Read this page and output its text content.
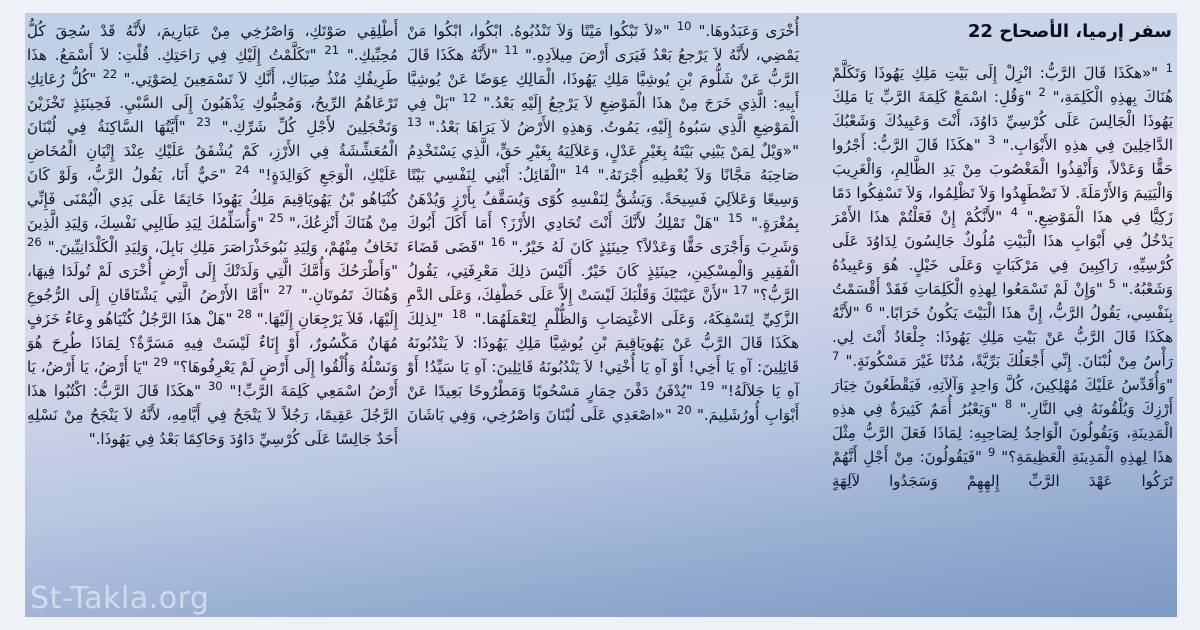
سفر إرميا، الأصحاح 22
$^1$ "«هكَذَا قَالَ الرَّبُّ: انْزِلْ إِلَى بَيْتِ مَلِكِ يَهُوذَا وَتَكَلَّمْ هُنَاكَ بِهذِهِ الْكَلِمَةِ،" $^2$ "وَقُلِ: اسْمَعْ كَلِمَةَ الرَّبِّ يَا مَلِكَ يَهُوذَا الْجَالِسَ عَلَى كُرْسِيِّ دَاوُدَ، أَنْتَ وَعَبِيدُكَ وَشَعْبُكَ الدَّاخِلِينَ فِي هذِهِ الأَبْوَابِ." $^3$ "هكَذَا قَالَ الرَّبُّ: أَجْرُوا حَقًّا وَعَدْلاً، وَأَنْقِذُوا الْمَغْصُوبَ مِنْ يَدِ الظَّالِمِ، وَالْغَرِيبَ وَالْيَتِيمَ وَالأَرْمَلَةَ. لاَ تَضْطَهِدُوا وَلاَ تَظْلِمُوا، وَلاَ تَسْفِكُوا دَمًا زَكِيًّا فِي هذَا الْمَوْضِعِ." $^4$ "لأَنَّكُمْ إِنْ فَعَلْتُمْ هذَا الأَمْرَ يَدْخُلُ فِي أَبْوَابِ هذَا الْبَيْتِ مُلُوكٌ جَالِسُونَ لِدَاوُدَ عَلَى كُرْسِيِّهِ، رَاكِبِينَ فِي مَرْكَبَاتٍ وَعَلَى خَيْلٍ. هُوَ وَعَبِيدُهُ وَشَعْبُهُ." $^5$ "وَإِنْ لَمْ تَسْمَعُوا لِهذِهِ الْكَلِمَاتِ فَقَدْ أَقْسَمْتُ بِنَفْسِي، يَقُولُ الرَّبُّ، إِنَّ هذَا الْبَيْتَ يَكُونُ خَرَابًا." $^6$ "لأَنَّهُ هكَذَا قَالَ الرَّبُّ عَنْ بَيْتِ مَلِكِ يَهُوذَا: جِلْعَادُ أَنْتَ لِي. رَأْسٌ مِنْ لُبْنَانَ. إِنِّي أَجْعَلُكَ بَرِّيَّةً، مُدُنًا غَيْرَ مَسْكُونَةٍ." $^7$ "وَأُقَدِّسُ عَلَيْكَ مُهْلِكِينَ، كُلَّ وَاحِدٍ وَآلاَتِهِ، فَيَقْطَعُونَ خِيَارَ أَرْزِكَ وَيُلْقُونَهُ فِي النَّارِ." $^8$ "وَيَعْبُرُ أُمَمٌ كَثِيرَةٌ فِي هذِهِ الْمَدِينَةِ، وَيَقُولُونَ الْوَاحِدُ لِصَاحِبِهِ: لِمَاذَا فَعَلَ الرَّبُّ مِثْلَ هذَا لِهذِهِ الْمَدِينَةِ الْعَظِيمَةِ؟" $^9$ "فَيَقُولُونَ: مِنْ أَجْلِ أَنَّهُمْ تَرَكُوا عَهْدَ الرَّبِّ إِلهِهِمْ وَسَجَدُوا لآلِهَةٍ
أُخْرَى وَعَبَدُوهَا." $^{10}$ "«لاَ تَبْكُوا مَيْتًا وَلاَ تَنْدُبُوهُ. ابْكُوا، ابْكُوا مَنْ يَمْضِي، لأَنَّهُ لاَ يَرْجعُ بَعْدُ فَيَرَى أَرْضَ مِيلاَدِهِ." $^{11}$ "لأَنَّهُ هكَذَا قَالَ الرَّبُّ عَنْ شَلُّومَ بْنِ يُوشِيَّا مَلِكِ يَهُوذَا، الْمَالِكِ عِوَضًا عَنْ يُوشِيَّا أَبِيهِ: الَّذِي خَرَجَ مِنْ هذَا الْمَوْضِعِ لاَ يَرْجِعُ إِلَيْهِ بَعْدُ." $^{12}$ "بَلْ فِي الْمَوْضِعِ الَّذِي سَبُوهُ إِلَيْهِ، يَمُوتُ. وَهذِهِ الأَرْضُ لاَ يَرَاهَا بَعْدُ." $^{13}$ "«وَيْلٌ لِمَنْ يَبْنِي بَيْتَهُ بِغَيْرِ عَدْلٍ، وَعَلاَلِيَهُ بِغَيْرِ حَقٍّ، الَّذِي يَسْتَخْدِمُ صَاحِبَهُ مَجَّانًا وَلاَ يُعْطِيهِ أُجْرَتَهُ." $^{14}$ "الْقَائِلُ: أَبْنِي لِنَفْسِي بَيْتًا وَسِيعًا وَعَلاَلِيَ فَسِيحَةً. وَيَشُقُّ لِنَفْسِهِ كُوًى وَيُسَقَّفُ بِأَرْزٍ وَيُدْهَنُ بِمُغْرَةٍ." $^{15}$ "هَلْ تَمْلِكُ لأَنَّكَ أَنْتَ تُحَادِي الأَرْزَ؟ أَمَا أَكَلَ أَبُوكَ وَشَرِبَ وَأَجْرَى حَقًّا وَعَدْلاً؟ حِينَئِذٍ كَانَ لَهُ خَيْرٌ." $^{16}$ "قَضَى قَضَاءَ الْفَقِيرِ وَالْمِسْكِينِ، حِينَئِذٍ كَانَ خَيْرٌ. أَلَيْسَ ذلِكَ مَعْرِفَتِي، يَقُولُ الرَّبُّ؟" $^{17}$ "لأَنَّ عَيْنَيْكَ وَقَلْبَكَ لَيْسَتْ إِلاَّ عَلَى خَطْفِكَ، وَعَلَى الدَّمِ الزَّكِيِّ لِتَسْفِكَهُ، وَعَلَى الاغْتِصَابِ وَالظُّلْمِ لِتَعْمَلَهُمَا." $^{18}$ "لِذلِكَ هكَذَا قَالَ الرَّبُّ عَنْ يَهُويَاقِيمَ بْنِ يُوشِيَّا مَلِكِ يَهُوذَا: لاَ يَنْدُبُونَهُ قَائِلِينَ: آهِ يَا أَخِي! أَوْ آهِ يَا أُخْتِي! لاَ يَنْدُبُونَهُ قَائِلِينَ: آهِ يَا سَيِّدُ! أَوْ آهِ يَا جَلاَلَهُ!" $^{19}$ "يُدْفَنُ دَفْنَ حِمَارٍ مَسْحُوبًا وَمَطْرُوحًا بَعِيدًا عَنْ أَبْوَابِ أُورُشَلِيمَ." $^{20}$ "«اصْعَدِي عَلَى لُبْنَانَ وَاصْرُخِي، وَفِي بَاشَانَ
أَطْلِقِي صَوْتَكِ، وَاصْرُخِي مِنْ عَبَارِيمَ، لأَنَّهُ قَدْ سُحِقَ كُلُّ مُحِبِّيكِ." $^{21}$ "تَكَلَّمْتُ إِلَيْكِ فِي رَاحَتِكِ. قُلْتِ: لاَ أَسْمَعُ. هذَا طَرِيقُكِ مُنْذُ صِبَاكِ، أَنَّكِ لاَ تَسْمَعِينَ لِصَوْتِي." $^{22}$ "كُلُّ رُعَاتِكِ تَرْعَاهُمُ الرِّيحُ، وَمُحِبُّوكِ يَذْهَبُونَ إِلَى السَّبْيِ. فَحِينَئِذٍ تَخْزَيْنَ وَتَخْجَلِينَ لأَجْلِ كُلِّ شَرِّكِ." $^{23}$ "أَيَّتُهَا السَّاكِنَةُ فِي لُبْنَانَ الْمُعَشِّشَةُ فِي الأَرْزِ، كَمْ يُشْفَقُ عَلَيْكِ عِنْدَ إِتْيَانِ الْمُخَاضِ عَلَيْكِ، الْوَجَعِ كَوَالِدَةٍ!" $^{24}$ "حَيٌّ أَنَا، يَقُولُ الرَّبُّ، وَلَوْ كَانَ كُنْيَاهُو بْنُ يَهُويَاقِيمَ مَلِكُ يَهُوذَا خَاتِمًا عَلَى يَدِي الْيُمْنَى فَإِنِّي مِنْ هُنَاكَ أَنْزِعُكَ،" $^{25}$ "وَأُسَلِّمُكَ لِيَدِ طَالِبِي نَفْسِكَ، وَلِيَدِ الَّذِينَ تَخَافُ مِنْهُمْ، وَلِيَدِ نَبُوخَذْرَاصَرَ مَلِكِ بَابِلَ، وَلِيَدِ الْكَلْدَانِيِّينَ." $^{26}$ "وَأَطْرَحُكَ وَأُمَّكَ الَّتِي وَلَدَتْكَ إِلَى أَرْضٍ أُخْرَى لَمْ تُولَدَا فِيهَا، وَهُنَاكَ تَمُوتَانِ." $^{27}$ "أَمَّا الأَرْضُ الَّتِي يَشْتَاقَانِ إِلَى الرُّجُوعِ إِلَيْهَا، فَلاَ يَرْجِعَانِ إِلَيْهَا." $^{28}$ "هَلْ هذَا الرَّجُلُ كُنْيَاهُو وِعَاءُ خَزَفٍ مُهَانٌ مَكْسُورٌ، أَوْ إِنَاءٌ لَيْسَتْ فِيهِ مَسَرَّةٌ؟ لِمَاذَا طُرِحَ هُوَ وَنَسْلُهُ وَأُلْقُوا إِلَى أَرْضٍ لَمْ يَعْرِفُوهَا؟" $^{29}$ "يَا أَرْضُ، يَا أَرْضُ، يَا أَرْضُ اسْمَعِي كَلِمَةَ الرَّبِّ!" $^{30}$ "هكَذَا قَالَ الرَّبُّ: اكْتُبُوا هذَا الرَّجُلَ عَقِيمًا، رَجُلاً لاَ يَنْجَحُ فِي أَيَّامِهِ، لأَنَّهُ لاَ يَنْجَحُ مِنْ نَسْلِهِ أَحَدٌ جَالِسًا عَلَى كُرْسِيِّ دَاوُدَ وَحَاكِمًا بَعْدُ فِي يَهُوذَا."
St-Takla.org
